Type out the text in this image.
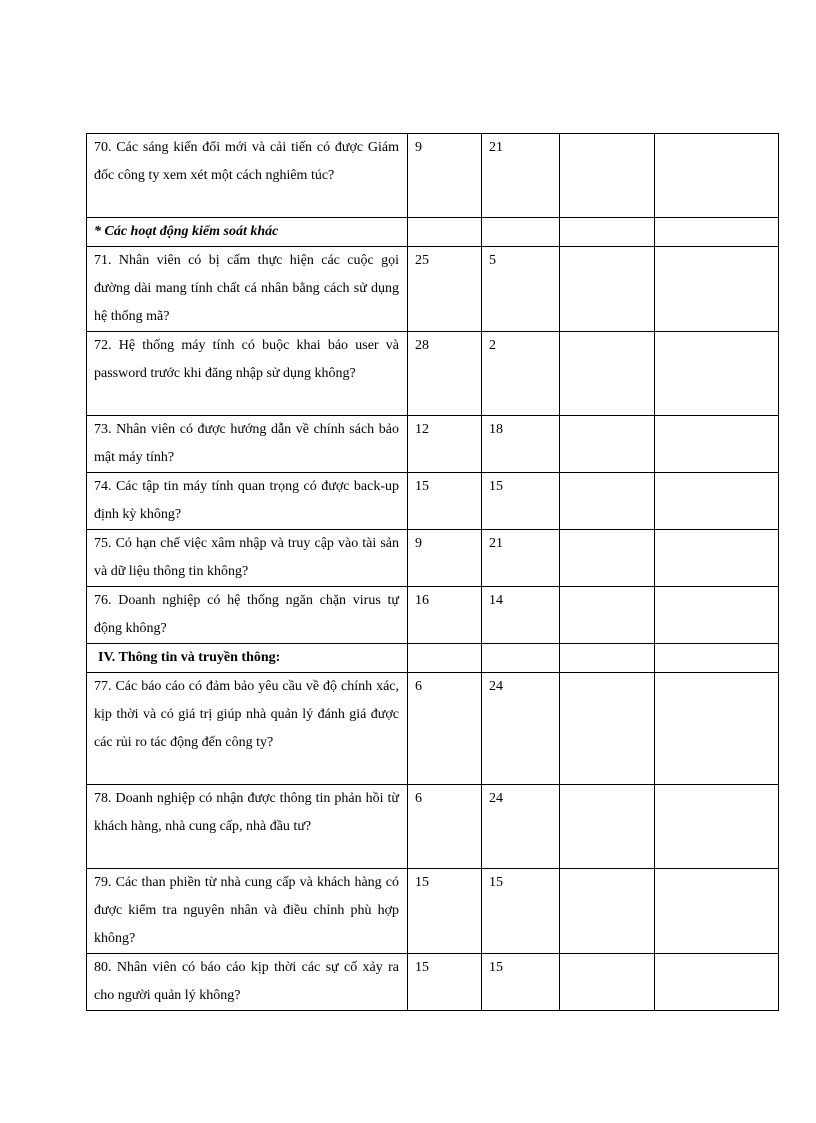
70. Các sáng kiến đổi mới và cải tiến có được Giám đốc công ty xem xét một cách nghiêm túc?	9	21		
* Các hoạt động kiểm soát khác				
71. Nhân viên có bị cấm thực hiện các cuộc gọi đường dài mang tính chất cá nhân bằng cách sử dụng hệ thống mã?	25	5		
72. Hệ thống máy tính có buộc khai báo user và password trước khi đăng nhập sử dụng không?	28	2		
73. Nhân viên có được hướng dẫn về chính sách bảo mật máy tính?	12	18		
74. Các tập tin máy tính quan trọng có được back-up định kỳ không?	15	15		
75. Có hạn chế việc xâm nhập và truy cập vào tài sản và dữ liệu thông tin không?	9	21		
76. Doanh nghiệp có hệ thống ngăn chặn virus tự động không?	16	14		
IV. Thông tin và truyền thông:				
77. Các báo cáo có đảm bảo yêu cầu về độ chính xác, kịp thời và có giá trị giúp nhà quản lý đánh giá được các rủi ro tác động đến công ty?	6	24		
78. Doanh nghiệp có nhận được thông tin phản hồi từ khách hàng, nhà cung cấp, nhà đầu tư?	6	24		
79. Các than phiền từ nhà cung cấp và khách hàng có được kiểm tra nguyên nhân và điều chỉnh phù hợp không?	15	15		
80. Nhân viên có báo cáo kịp thời các sự cố xảy ra cho người quản lý không?	15	15		
